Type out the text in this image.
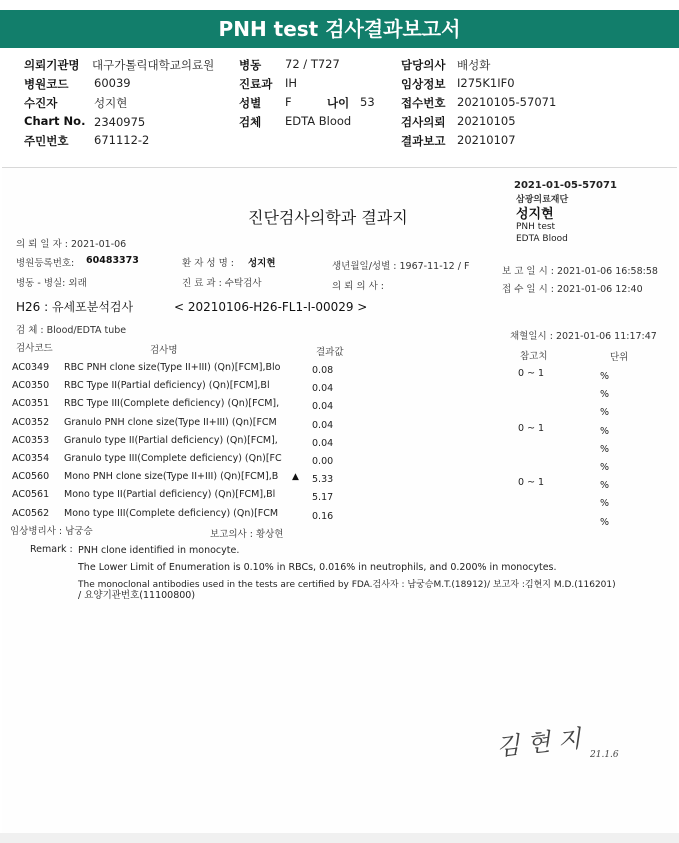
PNH test 검사결과보고서
의뢰기관명 대구가톨릭대학교의료원
병원코드 60039
수진자	성지현
Chart No. 2340975
주민번호 671112-2
병동 72 / T727
진료과 IH
성별 F	나이 53
검체 EDTA Blood
담당의사 배성화
임상정보 I275K1IF0
접수번호 20210105-57071
검사의뢰 20210105
결과보고 20210107
2021-01-05-57071
삼광의료재단
성지현
PNH test
EDTA Blood
진단검사의학과 결과지
의 뢰 일 자 : 2021-01-06
병원등록번호: 60483373	환 자 성 명 : 성지현	생년월일/성별 : 1967-11-12 / F	보 고 일 시 : 2021-01-06 16:58:58
병동 - 병실: 외래	진 료 과 : 수탁검사	의 뢰 의 사 :	접 수 일 시 : 2021-01-06 12:40
H26 : 유세포분석검사	< 20210106-H26-FL1-I-00029 >
검 체 : Blood/EDTA tube
채혈일시 : 2021-01-06 11:17:47
검사코드	검사명	결과값	참고치	단위
AC0349 RBC PNH clone size(Type II+III) (Qn)[FCM],Blo	0.08	0 ~ 1	%
AC0350 RBC Type II(Partial deficiency) (Qn)[FCM],Bl	0.04
%
AC0351 RBC Type III(Complete deficiency) (Qn)[FCM],	0.04
%
AC0352 Granulo PNH clone size(Type II+III) (Qn)[FCM	0.04	0 ~ 1	%
AC0353 Granulo type II(Partial deficiency) (Qn)[FCM],	0.04
%
AC0354 Granulo type III(Complete deficiency) (Qn)[FC	0.00
%
AC0560 Mono PNH clone size(Type II+III) (Qn)[FCM],B ▲ 5.33	0 ~ 1	%
AC0561 Mono type II(Partial deficiency) (Qn)[FCM],Bl	5.17
%
AC0562 Mono type III(Complete deficiency) (Qn)[FCM	0.16
%
임상병리사 : 남궁승	보고의사 : 황상현
Remark : PNH clone identified in monocyte.
The Lower Limit of Enumeration is 0.10% in RBCs, 0.016% in neutrophils, and 0.200% in monocytes.
The monoclonal antibodies used in the tests are certified by FDA.검사자 : 남궁승M.T.(18912)/ 보고자 :김현지 M.D.(116201)
/ 요양기관번호(11100800)
김 현 지 21.1.6
